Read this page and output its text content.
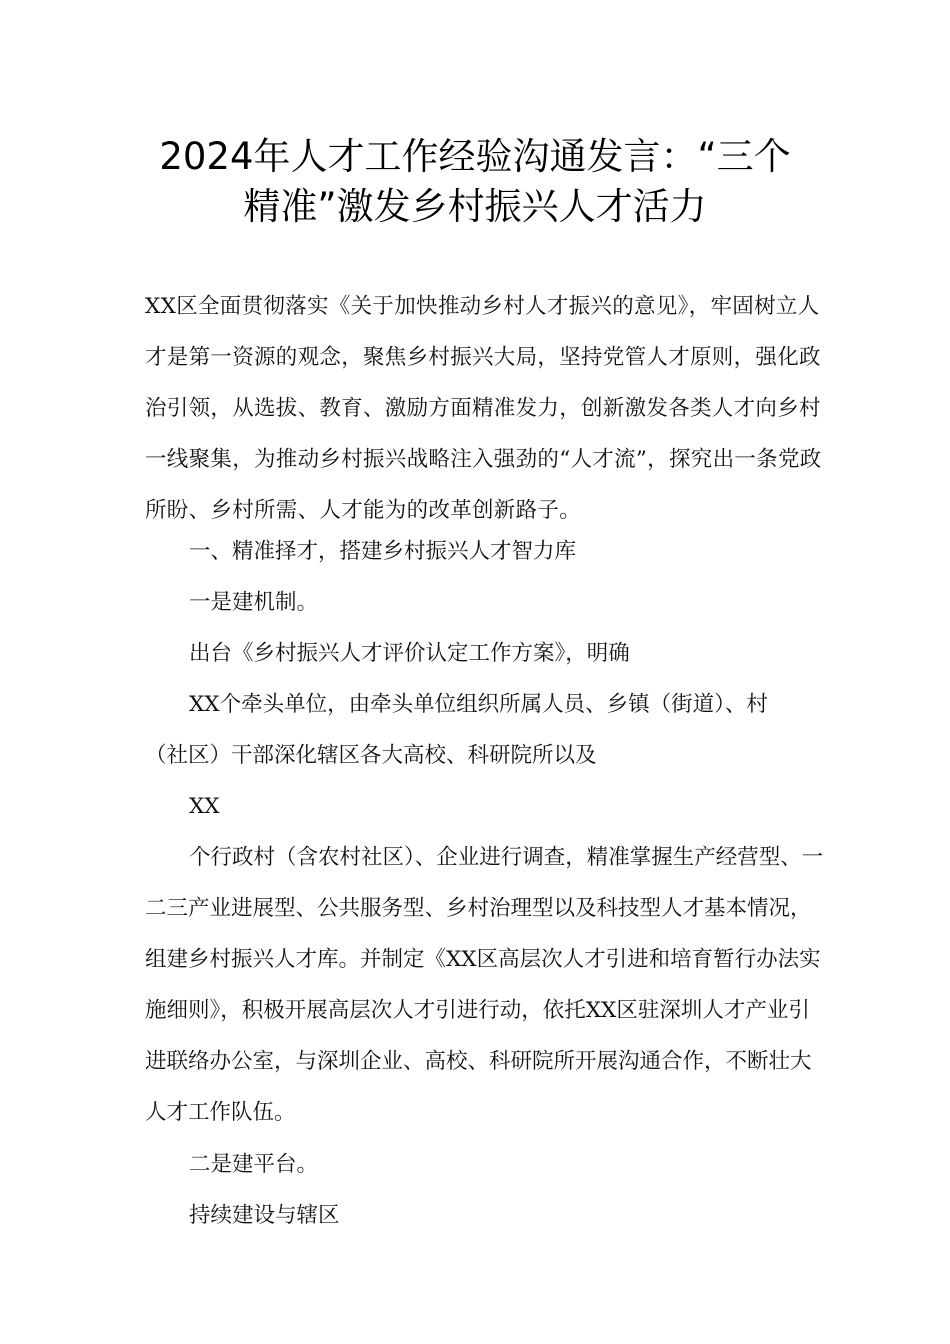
2024年人才工作经验沟通发言：“三个
精准”激发乡村振兴人才活力

XX区全面贯彻落实《关于加快推动乡村人才振兴的意见》，牢固树立人才是第一资源的观念，聚焦乡村振兴大局，坚持党管人才原则，强化政治引领，从选拔、教育、激励方面精准发力，创新激发各类人才向乡村一线聚集，为推动乡村振兴战略注入强劲的“人才流”，探究出一条党政所盼、乡村所需、人才能为的改革创新路子。

一、精准择才，搭建乡村振兴人才智力库

一是建机制。

出台《乡村振兴人才评价认定工作方案》，明确

XX个牵头单位，由牵头单位组织所属人员、乡镇（街道）、村

（社区）干部深化辖区各大高校、科研院所以及

XX

个行政村（含农村社区）、企业进行调查，精准掌握生产经营型、一二三产业进展型、公共服务型、乡村治理型以及科技型人才基本情况，组建乡村振兴人才库。并制定《XX区高层次人才引进和培育暂行办法实施细则》，积极开展高层次人才引进行动，依托XX区驻深圳人才产业引进联络办公室，与深圳企业、高校、科研院所开展沟通合作，不断壮大人才工作队伍。

二是建平台。

持续建设与辖区
